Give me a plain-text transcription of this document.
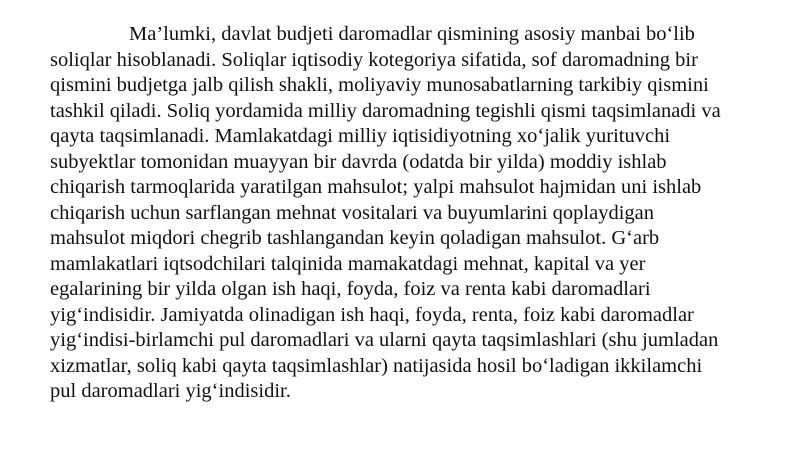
Ma’lumki, davlat budjeti daromadlar qismining asosiy manbai bo‘lib
soliqlar hisoblanadi. Soliqlar iqtisodiy kotegoriya sifatida, sof daromadning bir
qismini budjetga jalb qilish shakli, moliyaviy munosabatlarning tarkibiy qismini
tashkil qiladi. Soliq yordamida milliy daromadning tegishli qismi taqsimlanadi va
qayta taqsimlanadi. Mamlakatdagi milliy iqtisidiyotning xo‘jalik yurituvchi
subyektlar tomonidan muayyan bir davrda (odatda bir yilda) moddiy ishlab
chiqarish tarmoqlarida yaratilgan mahsulot; yalpi mahsulot hajmidan uni ishlab
chiqarish uchun sarflangan mehnat vositalari va buyumlarini qoplaydigan
mahsulot miqdori chegrib tashlangandan keyin qoladigan mahsulot. G‘arb
mamlakatlari iqtsodchilari talqinida mamakatdagi mehnat, kapital va yer
egalarining bir yilda olgan ish haqi, foyda, foiz va renta kabi daromadlari
yig‘indisidir. Jamiyatda olinadigan ish haqi, foyda, renta, foiz kabi daromadlar
yig‘indisi-birlamchi pul daromadlari va ularni qayta taqsimlashlari (shu jumladan
xizmatlar, soliq kabi qayta taqsimlashlar) natijasida hosil bo‘ladigan ikkilamchi
pul daromadlari yig‘indisidir.
